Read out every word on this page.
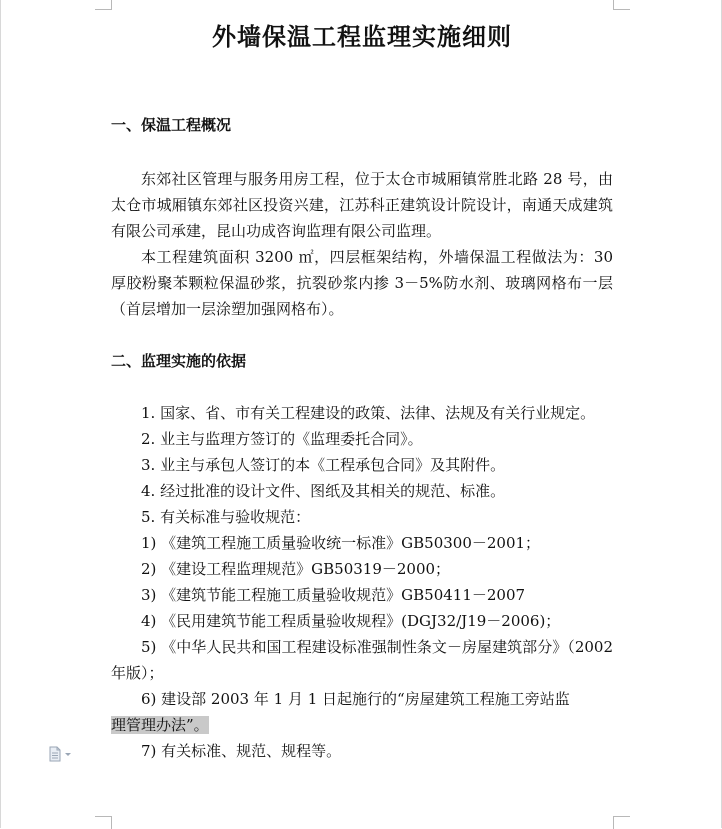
外墙保温工程监理实施细则
一、保温工程概况
东郊社区管理与服务用房工程，位于太仓市城厢镇常胜北路 28 号，由太仓市城厢镇东郊社区投资兴建，江苏科正建筑设计院设计，南通天成建筑有限公司承建，昆山功成咨询监理有限公司监理。
本工程建筑面积 3200 ㎡，四层框架结构，外墙保温工程做法为：30 厚胶粉聚苯颗粒保温砂浆，抗裂砂浆内掺 3－5%防水剂、玻璃网格布一层（首层增加一层涂塑加强网格布）。
二、监理实施的依据
1. 国家、省、市有关工程建设的政策、法律、法规及有关行业规定。
2. 业主与监理方签订的《监理委托合同》。
3. 业主与承包人签订的本《工程承包合同》及其附件。
4. 经过批准的设计文件、图纸及其相关的规范、标准。
5. 有关标准与验收规范：
1) 《建筑工程施工质量验收统一标准》GB50300－2001；
2) 《建设工程监理规范》GB50319－2000；
3) 《建筑节能工程施工质量验收规范》GB50411－2007
4) 《民用建筑节能工程质量验收规程》(DGJ32/J19－2006)；
5) 《中华人民共和国工程建设标准强制性条文－房屋建筑部分》（2002 年版）；
6) 建设部 2003 年 1 月 1 日起施行的“房屋建筑工程施工旁站监
理管理办法”。
7) 有关标准、规范、规程等。
